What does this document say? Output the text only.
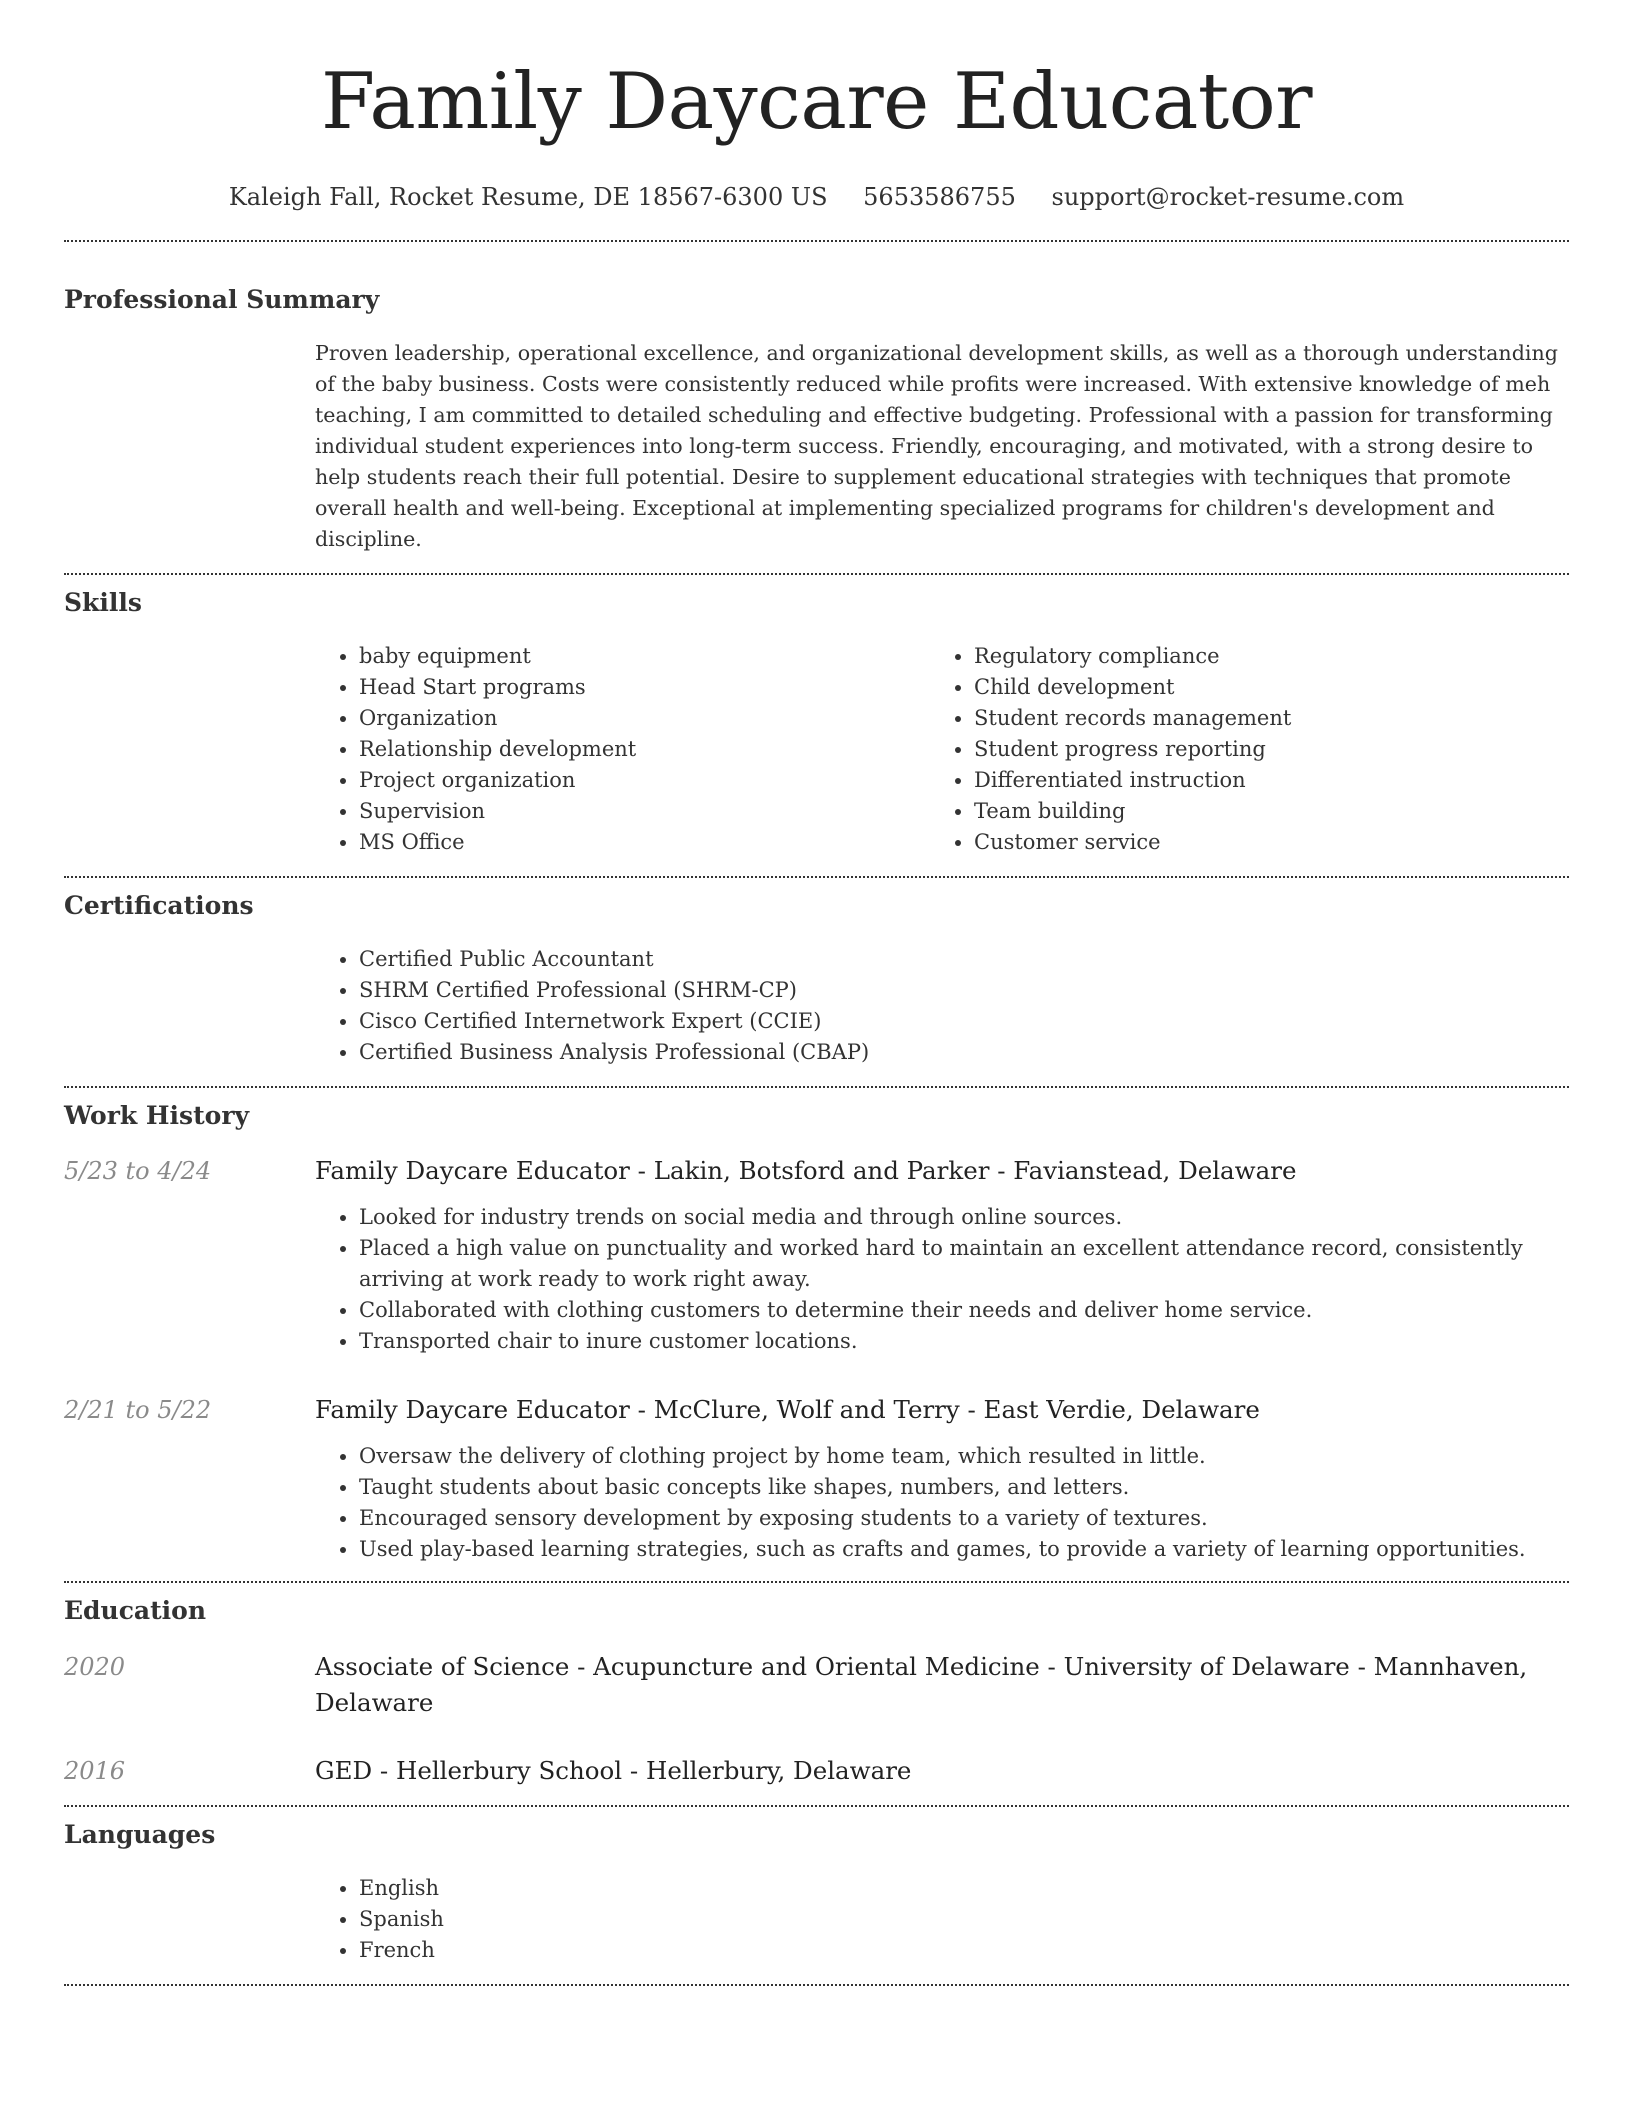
Family Daycare Educator
Kaleigh Fall, Rocket Resume, DE 18567-6300 US 5653586755 support@rocket-resume.com
Professional Summary
Proven leadership, operational excellence, and organizational development skills, as well as a thorough understanding of the baby business. Costs were consistently reduced while profits were increased. With extensive knowledge of meh teaching, I am committed to detailed scheduling and effective budgeting. Professional with a passion for transforming individual student experiences into long-term success. Friendly, encouraging, and motivated, with a strong desire to help students reach their full potential. Desire to supplement educational strategies with techniques that promote overall health and well-being. Exceptional at implementing specialized programs for children's development and discipline.
Skills
• baby equipment
• Head Start programs
• Organization
• Relationship development
• Project organization
• Supervision
• MS Office
• Regulatory compliance
• Child development
• Student records management
• Student progress reporting
• Differentiated instruction
• Team building
• Customer service
Certifications
• Certified Public Accountant
• SHRM Certified Professional (SHRM-CP)
• Cisco Certified Internetwork Expert (CCIE)
• Certified Business Analysis Professional (CBAP)
Work History
5/23 to 4/24	Family Daycare Educator - Lakin, Botsford and Parker - Favianstead, Delaware
• Looked for industry trends on social media and through online sources.
• Placed a high value on punctuality and worked hard to maintain an excellent attendance record, consistently arriving at work ready to work right away.
• Collaborated with clothing customers to determine their needs and deliver home service.
• Transported chair to inure customer locations.
2/21 to 5/22	Family Daycare Educator - McClure, Wolf and Terry - East Verdie, Delaware
• Oversaw the delivery of clothing project by home team, which resulted in little.
• Taught students about basic concepts like shapes, numbers, and letters.
• Encouraged sensory development by exposing students to a variety of textures.
• Used play-based learning strategies, such as crafts and games, to provide a variety of learning opportunities.
Education
2020	Associate of Science - Acupuncture and Oriental Medicine - University of Delaware - Mannhaven, Delaware
2016	GED - Hellerbury School - Hellerbury, Delaware
Languages
• English
• Spanish
• French
